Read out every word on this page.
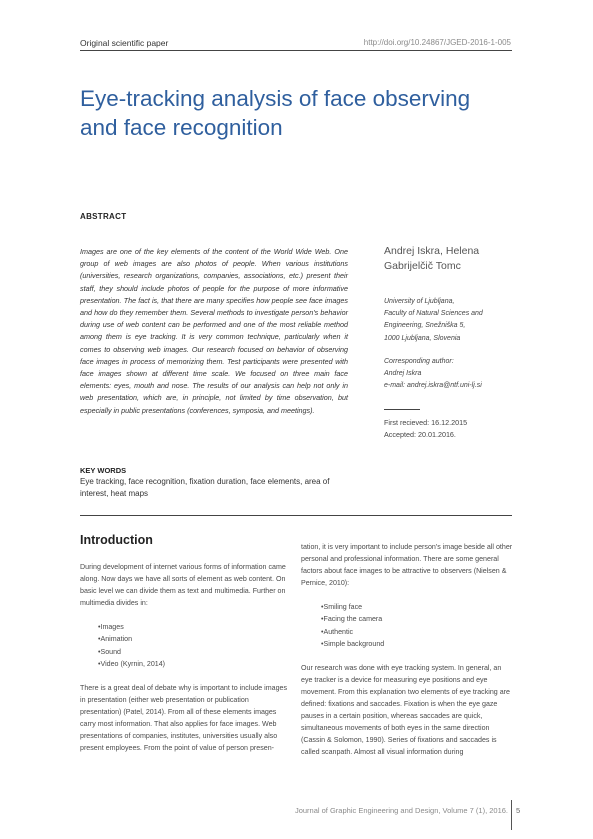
Original scientific paper	http://doi.org/10.24867/JGED-2016-1-005
Eye-tracking analysis of face observing and face recognition
ABSTRACT

Images are one of the key elements of the content of the World Wide Web. One group of web images are also photos of people. When various institutions (universities, research organizations, companies, associations, etc.) present their staff, they should include photos of people for the purpose of more informative presentation. The fact is, that there are many specifies how people see face images and how do they remember them. Several methods to investigate person's behavior during use of web content can be performed and one of the most reliable method among them is eye tracking. It is very common technique, particularly when it comes to observing web images. Our research focused on behavior of observing face images in process of memorizing them. Test participants were presented with face images shown at different time scale. We focused on three main face elements: eyes, mouth and nose. The results of our analysis can help not only in web presentation, which are, in principle, not limited by time observation, but especially in public presentations (conferences, symposia, and meetings).

Andrej Iskra, Helena Gabrijelčič Tomc
University of Ljubljana,
Faculty of Natural Sciences and
Engineering, Snežniška 5,
1000 Ljubljana, Slovenia
Corresponding author:
Andrej Iskra
e-mail: andrej.iskra@ntf.uni-lj.si
First recieved: 16.12.2015
Accepted: 20.01.2016.
KEY WORDS
Eye tracking, face recognition, fixation duration, face elements, area of interest, heat maps
Introduction

During development of internet various forms of information came along. Now days we have all sorts of element as web content. On basic level we can divide them as text and multimedia. Further on multimedia divides in:

• Images
• Animation
• Sound
• Video (Kyrnin, 2014)

There is a great deal of debate why is important to include images in presentation (either web presentation or publication presentation) (Patel, 2014). From all of these elements images carry most information. That also applies for face images. Web presentations of companies, institutes, universities usually also present employees. From the point of value of person presen-

tation, it is very important to include person's image beside all other personal and professional information. There are some general factors about face images to be attractive to observers (Nielsen & Pernice, 2010):

• Smiling face
• Facing the camera
• Authentic
• Simple background

Our research was done with eye tracking system. In general, an eye tracker is a device for measuring eye positions and eye movement. From this explanation two elements of eye tracking are defined: fixations and saccades. Fixation is when the eye gaze pauses in a certain position, whereas saccades are quick, simultaneous movements of both eyes in the same direction (Cassin & Solomon, 1990). Series of fixations and saccades is called scanpath. Almost all visual information during

Journal of Graphic Engineering and Design, Volume 7 (1), 2016. 5
